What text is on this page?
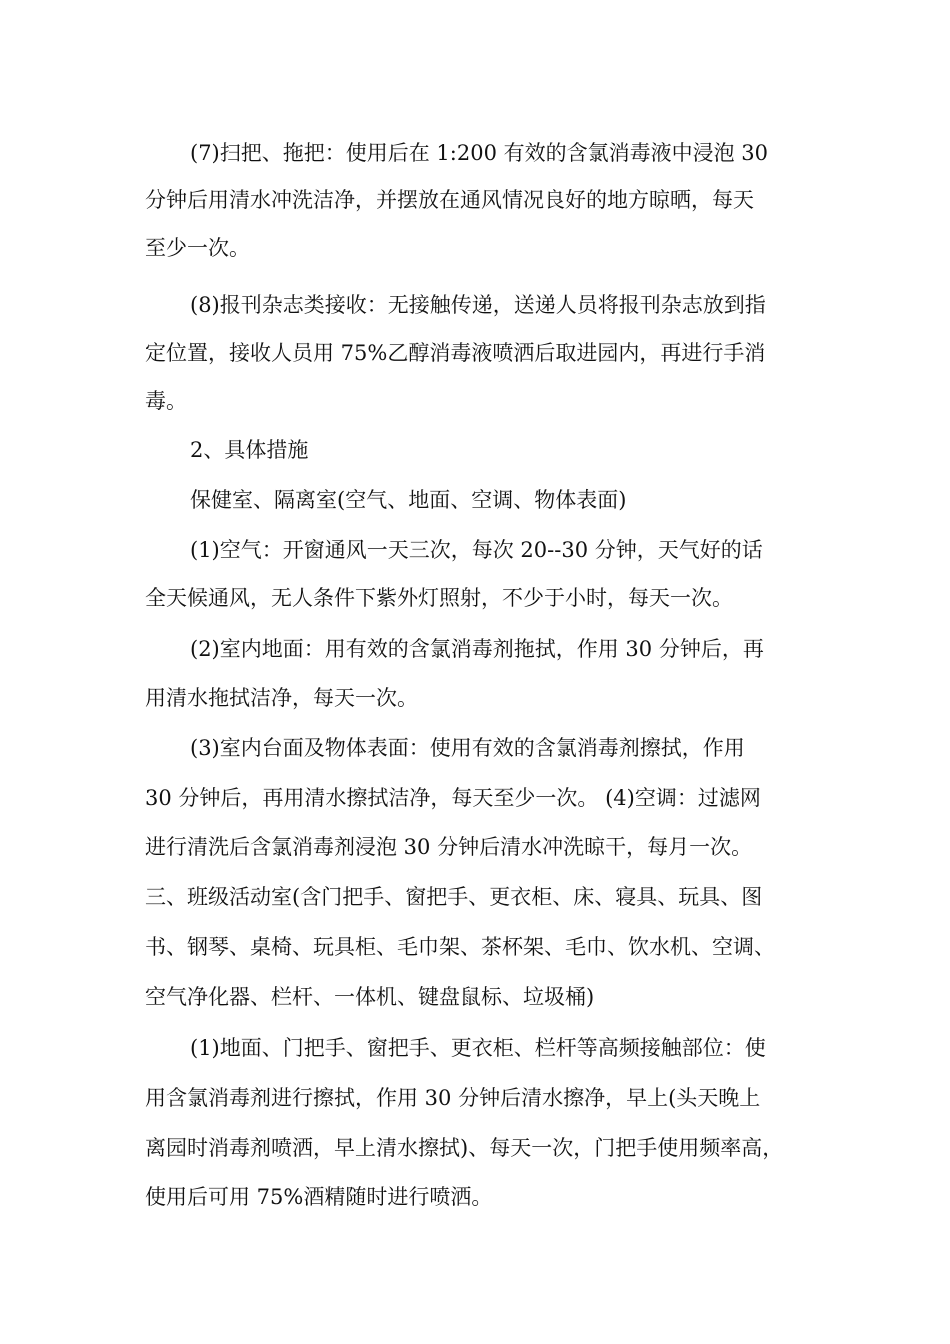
(7)扫把、拖把：使用后在 1:200 有效的含氯消毒液中浸泡 30
分钟后用清水冲洗洁净，并摆放在通风情况良好的地方晾晒，每天
至少一次。
(8)报刊杂志类接收：无接触传递，送递人员将报刊杂志放到指
定位置，接收人员用 75%乙醇消毒液喷洒后取进园内，再进行手消
毒。
2、具体措施
保健室、隔离室(空气、地面、空调、物体表面)
(1)空气：开窗通风一天三次，每次 20--30 分钟，天气好的话
全天候通风，无人条件下紫外灯照射，不少于小时，每天一次。
(2)室内地面：用有效的含氯消毒剂拖拭，作用 30 分钟后，再
用清水拖拭洁净，每天一次。
(3)室内台面及物体表面：使用有效的含氯消毒剂擦拭，作用
30 分钟后，再用清水擦拭洁净，每天至少一次。 (4)空调：过滤网
进行清洗后含氯消毒剂浸泡 30 分钟后清水冲洗晾干，每月一次。
三、班级活动室(含门把手、窗把手、更衣柜、床、寝具、玩具、图
书、钢琴、桌椅、玩具柜、毛巾架、茶杯架、毛巾、饮水机、空调、
空气净化器、栏杆、一体机、键盘鼠标、垃圾桶)
(1)地面、门把手、窗把手、更衣柜、栏杆等高频接触部位：使
用含氯消毒剂进行擦拭，作用 30 分钟后清水擦净，早上(头天晚上
离园时消毒剂喷洒，早上清水擦拭)、每天一次，门把手使用频率高，
使用后可用 75%酒精随时进行喷洒。
